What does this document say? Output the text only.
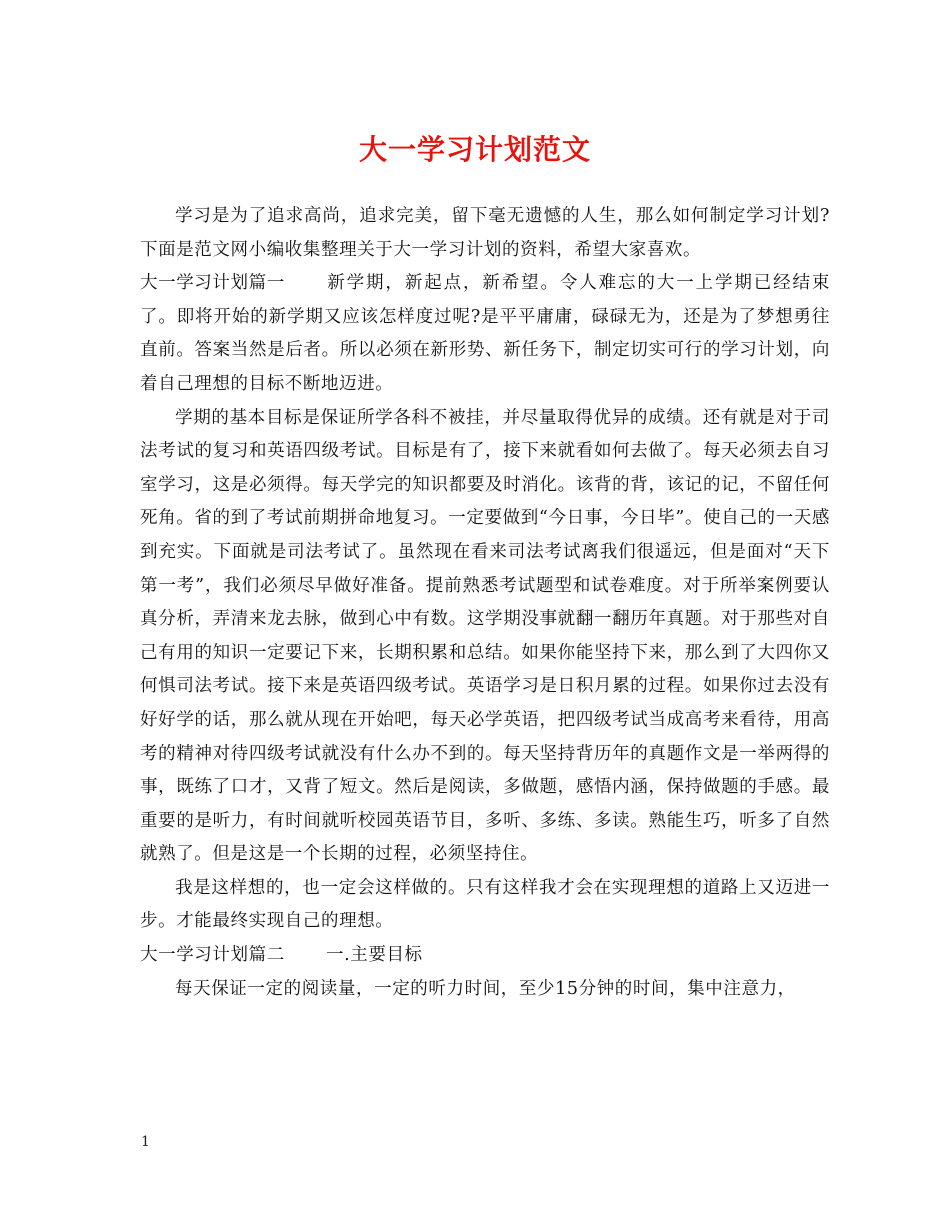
大一学习计划范文

学习是为了追求高尚，追求完美，留下毫无遗憾的人生，那么如何制定学习计划?下面是范文网小编收集整理关于大一学习计划的资料，希望大家喜欢。

大一学习计划篇一 新学期，新起点，新希望。令人难忘的大一上学期已经结束了。即将开始的新学期又应该怎样度过呢?是平平庸庸，碌碌无为，还是为了梦想勇往直前。答案当然是后者。所以必须在新形势、新任务下，制定切实可行的学习计划，向着自己理想的目标不断地迈进。

学期的基本目标是保证所学各科不被挂，并尽量取得优异的成绩。还有就是对于司法考试的复习和英语四级考试。目标是有了，接下来就看如何去做了。每天必须去自习室学习，这是必须得。每天学完的知识都要及时消化。该背的背，该记的记，不留任何死角。省的到了考试前期拼命地复习。一定要做到“今日事，今日毕”。使自己的一天感到充实。下面就是司法考试了。虽然现在看来司法考试离我们很遥远，但是面对“天下第一考”，我们必须尽早做好准备。提前熟悉考试题型和试卷难度。对于所举案例要认真分析，弄清来龙去脉，做到心中有数。这学期没事就翻一翻历年真题。对于那些对自己有用的知识一定要记下来，长期积累和总结。如果你能坚持下来，那么到了大四你又何惧司法考试。接下来是英语四级考试。英语学习是日积月累的过程。如果你过去没有好好学的话，那么就从现在开始吧，每天必学英语，把四级考试当成高考来看待，用高考的精神对待四级考试就没有什么办不到的。每天坚持背历年的真题作文是一举两得的事，既练了口才，又背了短文。然后是阅读，多做题，感悟内涵，保持做题的手感。最重要的是听力，有时间就听校园英语节目，多听、多练、多读。熟能生巧，听多了自然就熟了。但是这是一个长期的过程，必须坚持住。

我是这样想的，也一定会这样做的。只有这样我才会在实现理想的道路上又迈进一步。才能最终实现自己的理想。

大一学习计划篇二 一.主要目标

每天保证一定的阅读量，一定的听力时间，至少15分钟的时间，集中注意力，

1
